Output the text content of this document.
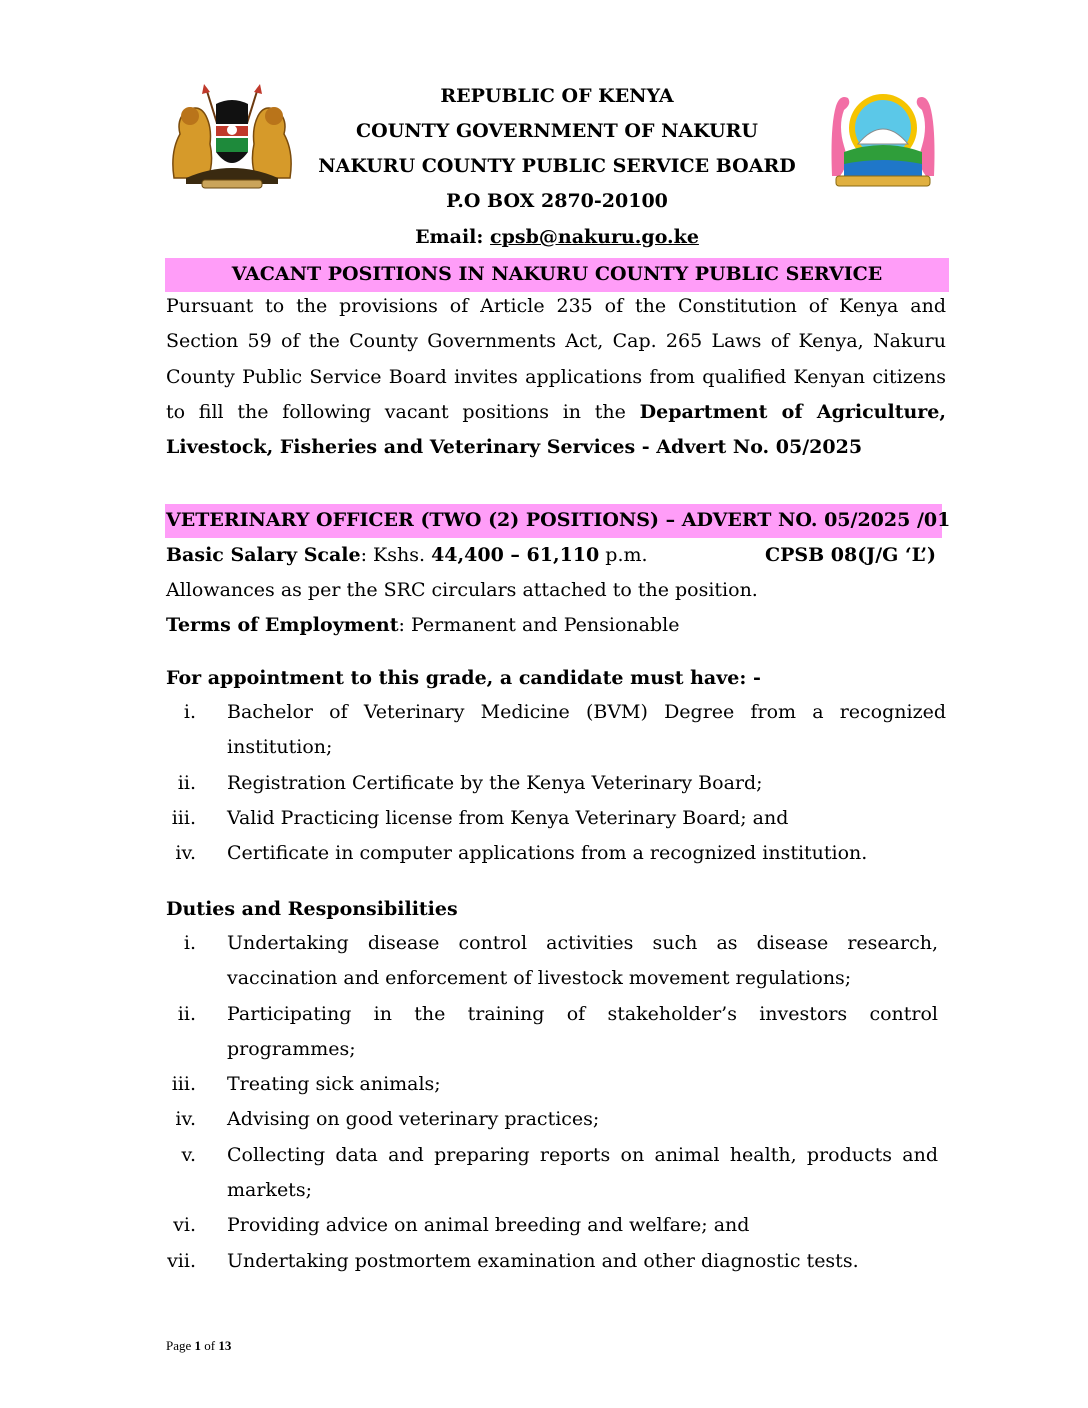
REPUBLIC OF KENYA
COUNTY GOVERNMENT OF NAKURU
NAKURU COUNTY PUBLIC SERVICE BOARD
P.O BOX 2870-20100
Email: cpsb@nakuru.go.ke
VACANT POSITIONS IN NAKURU COUNTY PUBLIC SERVICE
Pursuant to the provisions of Article 235 of the Constitution of Kenya and Section 59 of the County Governments Act, Cap. 265 Laws of Kenya, Nakuru County Public Service Board invites applications from qualified Kenyan citizens to fill the following vacant positions in the Department of Agriculture, Livestock, Fisheries and Veterinary Services - Advert No. 05/2025
VETERINARY OFFICER (TWO (2) POSITIONS) – ADVERT NO. 05/2025 /01
Basic Salary Scale: Kshs. 44,400 – 61,110 p.m.	CPSB 08(J/G ‘L’)
Allowances as per the SRC circulars attached to the position.
Terms of Employment: Permanent and Pensionable
For appointment to this grade, a candidate must have: -
i. Bachelor of Veterinary Medicine (BVM) Degree from a recognized institution;
ii. Registration Certificate by the Kenya Veterinary Board;
iii. Valid Practicing license from Kenya Veterinary Board; and
iv. Certificate in computer applications from a recognized institution.
Duties and Responsibilities
i. Undertaking disease control activities such as disease research, vaccination and enforcement of livestock movement regulations;
ii. Participating in the training of stakeholder’s investors control programmes;
iii. Treating sick animals;
iv. Advising on good veterinary practices;
v. Collecting data and preparing reports on animal health, products and markets;
vi. Providing advice on animal breeding and welfare; and
vii. Undertaking postmortem examination and other diagnostic tests.
Page 1 of 13
